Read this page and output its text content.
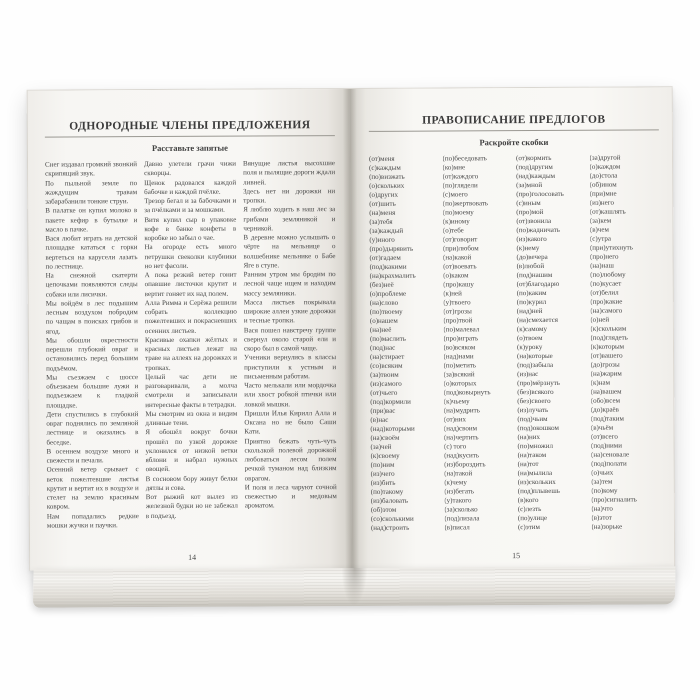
ОДНОРОДНЫЕ ЧЛЕНЫ ПРЕДЛОЖЕНИЯ
Расставьте запятые

Снег издавал громкий звонкий скрипящий звук.

По пыльной земле по жаждущим травам забарабанили тонкие струи.

В палатке он купил молоко в пакете кефир в бутылке и масло в пачке.

Вася любит играть на детской площадке кататься с горки вертеться на карусели лазать по лестнице.

На снежной скатерти цепочками появляются следы собаки или лисички.

Мы войдём в лес подышим лесным воздухом побродим по чащам в поисках грибов и ягод.

Мы обошли окрестности перешли глубокий овраг и остановились перед большим подъёмом.

Мы съезжаем с шоссе объезжаем большие лужи и подъезжаем к гладкой площадке.

Дети спустились в глубокий овраг поднялись по земляной лестнице и оказались в беседке.

В осеннем воздухе много и свежести и печали.

Осенний ветер срывает с веток пожелтевшие листья крутит и вертит их в воздухе и стелет на землю красивым ковром.

Нам попадались редкие мошки жучки и паучки.

Давно улетели грачи чижи скворцы.

Щенок радовался каждой бабочке и каждой пчёлке.

Трезор бегал и за бабочками и за пчёлками и за мошками.

Витя купил сыр в упаковке кофе в банке конфеты в коробке но забыл о чае.

На огороде есть много петрушки свеколки клубники но нет фасоли.

А пока резкий ветер гонит опавшие листочки крутит и вертит гоняет их над полем.

Алла Римма и Серёжа решили собрать коллекцию пожелтевших и покрасневших осенних листьев.

Красивые охапки жёлтых и красных листьев лежат на траве на аллеях на дорожках и тропках.

Целый час дети не разговаривали, а молча смотрели и записывали интересные факты в тетрадки.

Мы смотрим из окна и видим длинные тени.

Я обошёл вокруг бочки прошёл по узкой дорожке уклонился от низкой ветки яблони и набрал нужных овощей.

В сосновом бору живут белки дятлы и сова.

Вот рыжий кот вылез из железной будки но не забежал в подъезд.

Вянущие листья высохшие поля и пылящие дороги ждали ливней.

Здесь нет ни дорожки ни тропки.

Я люблю ходить в наш лес за грибами земляникой и черникой.

В деревне можно услышать о чёрте на мельнице о волшебнике мельнике о Бабе Яге в ступе.

Ранним утром мы бродим по лесной чаще ищем и находим массу земляники.

Масса листьев покрывала широкие аллеи узкие дорожки и тесные тропки.

Вася пошел навстречу группе свернул около старой ели и скоро был в самой чаще.

Ученики вернулись в классы приступили к устным и письменным работам.

Часто мелькали или мордочка или хвост робкой птички или ловкой мышки.

Пришли Илья Кирилл Алла и Оксана но не было Саши Кати.

Приятно бежать чуть-чуть скользкой полевой дорожкой любоваться лесом полем речкой туманом над близким оврагом.

И поля и леса чаруют сочной свежестью и медовым ароматом.

14
ПРАВОПИСАНИЕ ПРЕДЛОГОВ
Раскройте скобки
(от)меня
(с)каждым
(по)визжать
(о)скольких
(о)других
(от)шить
(на)меня
(за)тебя
(за)каждый
(у)иного
(про)дырявить
(от)гадаем
(под)какими
(на)крахмалить
(без)неё
(о)проблеме
(на)слово
(по)твоему
(о)нашем
(на)неё
(по)маслить
(под)нас
(на)стирает
(со)всяким
(за)твоим
(из)самого
(от)чьего
(под)кормили
(при)вас
(в)нас
(над)которыми
(на)своём
(за)чей
(к)своему
(по)ним
(из)чего
(из)бить
(по)такому
(из)баловать
(об)этом
(со)сколькими
(над)строить
(по)беседовать
(ко)мне
(от)каждого
(по)глядели
(с)моего
(по)жертвовать
(по)моему
(к)иному
(о)тебе
(от)говорит
(при)любом
(на)какой
(от)воевать
(о)каком
(про)кашу
(к)ней
(у)твоего
(от)грозы
(про)твой
(по)малевал
(про)играть
(во)всяком
(над)нами
(по)метить
(за)всякий
(о)которых
(под)ковырнуть
(к)чьему
(на)мудрить
(от)них
(над)своим
(на)чертить
(с) того
(над)кусить
(из)бороздить
(на)такой
(к)чему
(из)бегать
(у)такого
(за)сколько
(под)лизала
(в)писал
(от)кормить
(под)другим
(над)каждым
(за)мной
(про)голосовать
(с)иным
(про)мой
(от)звонила
(по)жадничать
(из)какого
(к)нему
(до)вечера
(в)любой
(под)нашим
(от)благодарю
(по)каким
(по)курил
(над)ней
(на)смехается
(к)самому
(о)твоем
(к)уроку
(на)которые
(под)забыла
(из)нас
(про)мёрзнуть
(без)всякого
(без)своего
(из)лучать
(под)чьим
(под)окошком
(на)них
(по)множил
(на)таком
(на)тот
(на)мылила
(из)скольких
(под)плывешь
(в)кого
(с)лезть
(по)улице
(с)этим
(за)другой
(о)каждом
(до)стола
(об)ином
(при)мне
(из)него
(от)кашлять
(за)кем
(в)чем
(с)утра
(при)утихнуть
(про)него
(на)наш
(по)любому
(по)кусает
(от)белил
(про)какие
(на)самого
(о)ней
(к)скольким
(под)глядеть
(к)которым
(от)вашего
(до)грозы
(на)жарим
(к)нам
(на)вашем
(обо)всем
(до)краёв
(под)таким
(в)чьём
(от)всего
(под)ними
(на)сеновале
(под)полати
(о)чьих
(за)тем
(по)кому
(про)сигналить
(на)что
(в)этот
(на)зорьке
15
